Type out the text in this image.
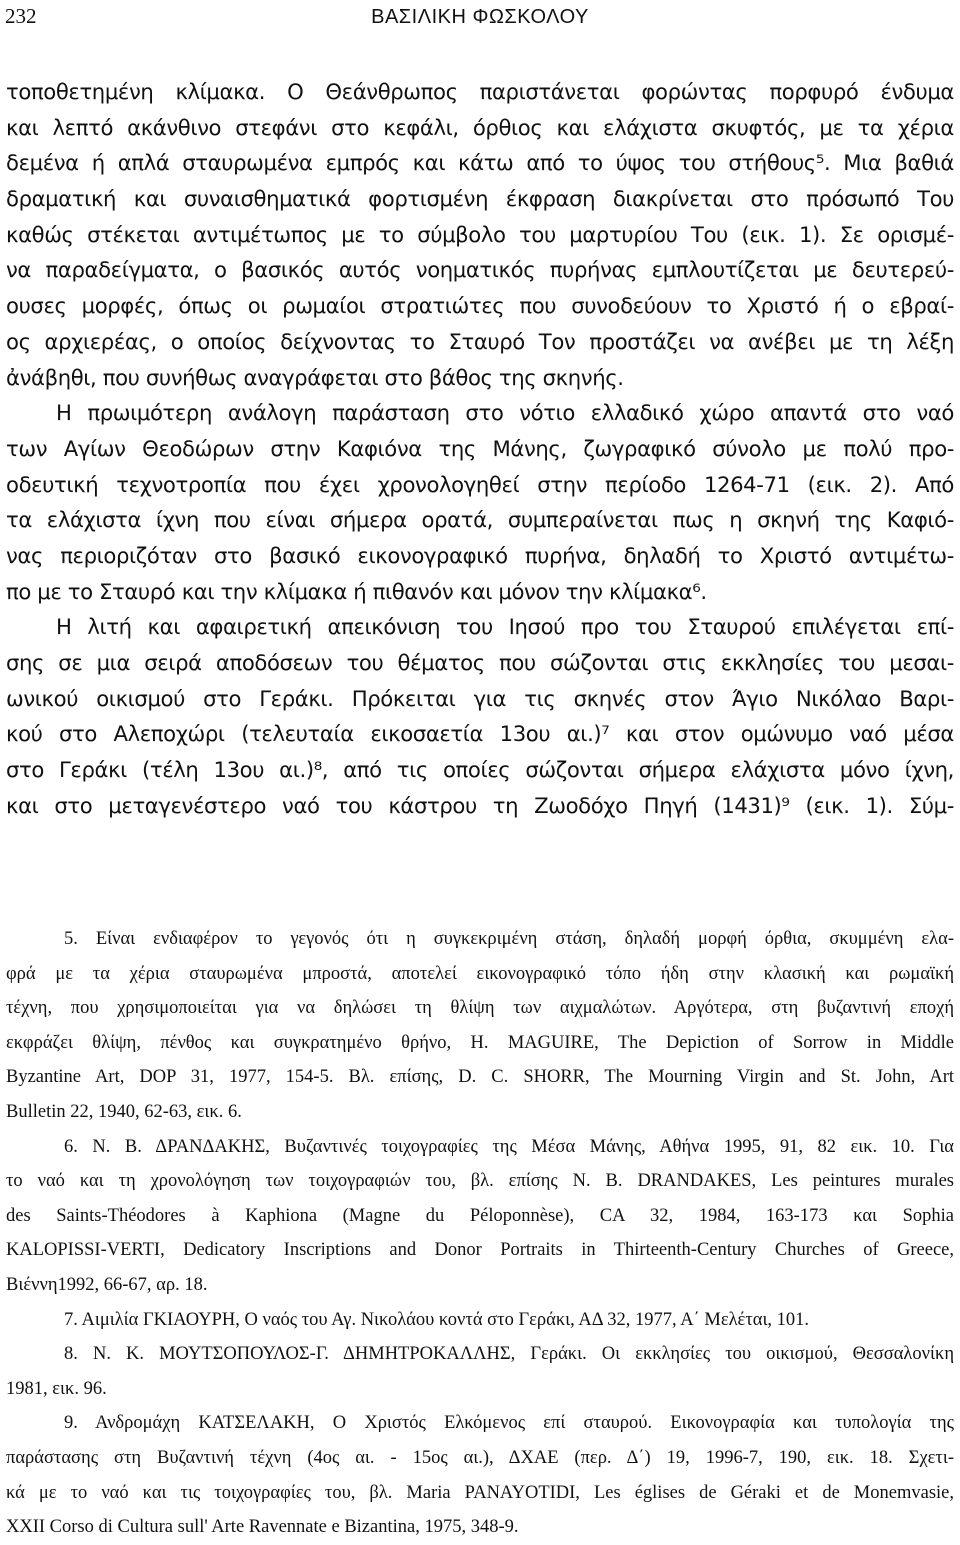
232	ΒΑΣΙΛΙΚΗ ΦΩΣΚΟΛΟΥ
τοποθετημένη κλίμακα. Ο Θεάνθρωπος παριστάνεται φορώντας πορφυρό ένδυμα
και λεπτό ακάνθινο στεφάνι στο κεφάλι, όρθιος και ελάχιστα σκυφτός, με τα χέρια
δεμένα ή απλά σταυρωμένα εμπρός και κάτω από το ύψος του στήθους⁵. Μια βαθιά
δραματική και συναισθηματικά φορτισμένη έκφραση διακρίνεται στο πρόσωπό Του
καθώς στέκεται αντιμέτωπος με το σύμβολο του μαρτυρίου Του (εικ. 1). Σε ορισμέ-
να παραδείγματα, ο βασικός αυτός νοηματικός πυρήνας εμπλουτίζεται με δευτερεύ-
ουσες μορφές, όπως οι ρωμαίοι στρατιώτες που συνοδεύουν το Χριστό ή ο εβραί-
ος αρχιερέας, ο οποίος δείχνοντας το Σταυρό Τον προστάζει να ανέβει με τη λέξη
ἀνάβηθι, που συνήθως αναγράφεται στο βάθος της σκηνής.
Η πρωιμότερη ανάλογη παράσταση στο νότιο ελλαδικό χώρο απαντά στο ναό
των Αγίων Θεοδώρων στην Καφιόνα της Μάνης, ζωγραφικό σύνολο με πολύ προ-
οδευτική τεχνοτροπία που έχει χρονολογηθεί στην περίοδο 1264-71 (εικ. 2). Από
τα ελάχιστα ίχνη που είναι σήμερα ορατά, συμπεραίνεται πως η σκηνή της Καφιό-
νας περιοριζόταν στο βασικό εικονογραφικό πυρήνα, δηλαδή το Χριστό αντιμέτω-
πο με το Σταυρό και την κλίμακα ή πιθανόν και μόνον την κλίμακα⁶.
Η λιτή και αφαιρετική απεικόνιση του Ιησού προ του Σταυρού επιλέγεται επί-
σης σε μια σειρά αποδόσεων του θέματος που σώζονται στις εκκλησίες του μεσαι-
ωνικού οικισμού στο Γεράκι. Πρόκειται για τις σκηνές στον Άγιο Νικόλαο Βαρι-
κού στο Αλεποχώρι (τελευταία εικοσαετία 13ου αι.)⁷ και στον ομώνυμο ναό μέσα
στο Γεράκι (τέλη 13ου αι.)⁸, από τις οποίες σώζονται σήμερα ελάχιστα μόνο ίχνη,
και στο μεταγενέστερο ναό του κάστρου τη Ζωοδόχο Πηγή (1431)⁹ (εικ. 1). Σύμ-
5. Είναι ενδιαφέρον το γεγονός ότι η συγκεκριμένη στάση, δηλαδή μορφή όρθια, σκυμμένη ελα-
φρά με τα χέρια σταυρωμένα μπροστά, αποτελεί εικονογραφικό τόπο ήδη στην κλασική και ρωμαϊκή
τέχνη, που χρησιμοποιείται για να δηλώσει τη θλίψη των αιχμαλώτων. Αργότερα, στη βυζαντινή εποχή
εκφράζει θλίψη, πένθος και συγκρατημένο θρήνο, H. MAGUIRE, The Depiction of Sorrow in Middle
Byzantine Art, DOP 31, 1977, 154-5. Βλ. επίσης, D. C. SHORR, The Mourning Virgin and St. John, Art
Bulletin 22, 1940, 62-63, εικ. 6.
6. Ν. Β. ΔΡΑΝΔΑΚΗΣ, Βυζαντινές τοιχογραφίες της Μέσα Μάνης, Αθήνα 1995, 91, 82 εικ. 10. Για
το ναό και τη χρονολόγηση των τοιχογραφιών του, βλ. επίσης N. B. DRANDAKES, Les peintures murales
des Saints-Théodores à Kaphiona (Magne du Péloponnèse), CA 32, 1984, 163-173 και Sophia
KALOPISSI-VERTI, Dedicatory Inscriptions and Donor Portraits in Thirteenth-Century Churches of Greece,
Βιέννη1992, 66-67, αρ. 18.
7. Αιμιλία ΓΚΙΑΟΥΡΗ, Ο ναός του Αγ. Νικολάου κοντά στο Γεράκι, ΑΔ 32, 1977, Α΄ Μελέται, 101.
8. Ν. Κ. ΜΟΥΤΣΟΠΟΥΛΟΣ-Γ. ΔΗΜΗΤΡΟΚΑΛΛΗΣ, Γεράκι. Οι εκκλησίες του οικισμού, Θεσσαλονίκη
1981, εικ. 96.
9. Ανδρομάχη ΚΑΤΣΕΛΑΚΗ, Ο Χριστός Ελκόμενος επί σταυρού. Εικονογραφία και τυπολογία της
παράστασης στη Βυζαντινή τέχνη (4ος αι. - 15ος αι.), ΔΧΑΕ (περ. Δ΄) 19, 1996-7, 190, εικ. 18. Σχετι-
κά με το ναό και τις τοιχογραφίες του, βλ. Maria PANAYOTIDI, Les églises de Géraki et de Monemvasie,
XXII Corso di Cultura sull' Arte Ravennate e Bizantina, 1975, 348-9.
